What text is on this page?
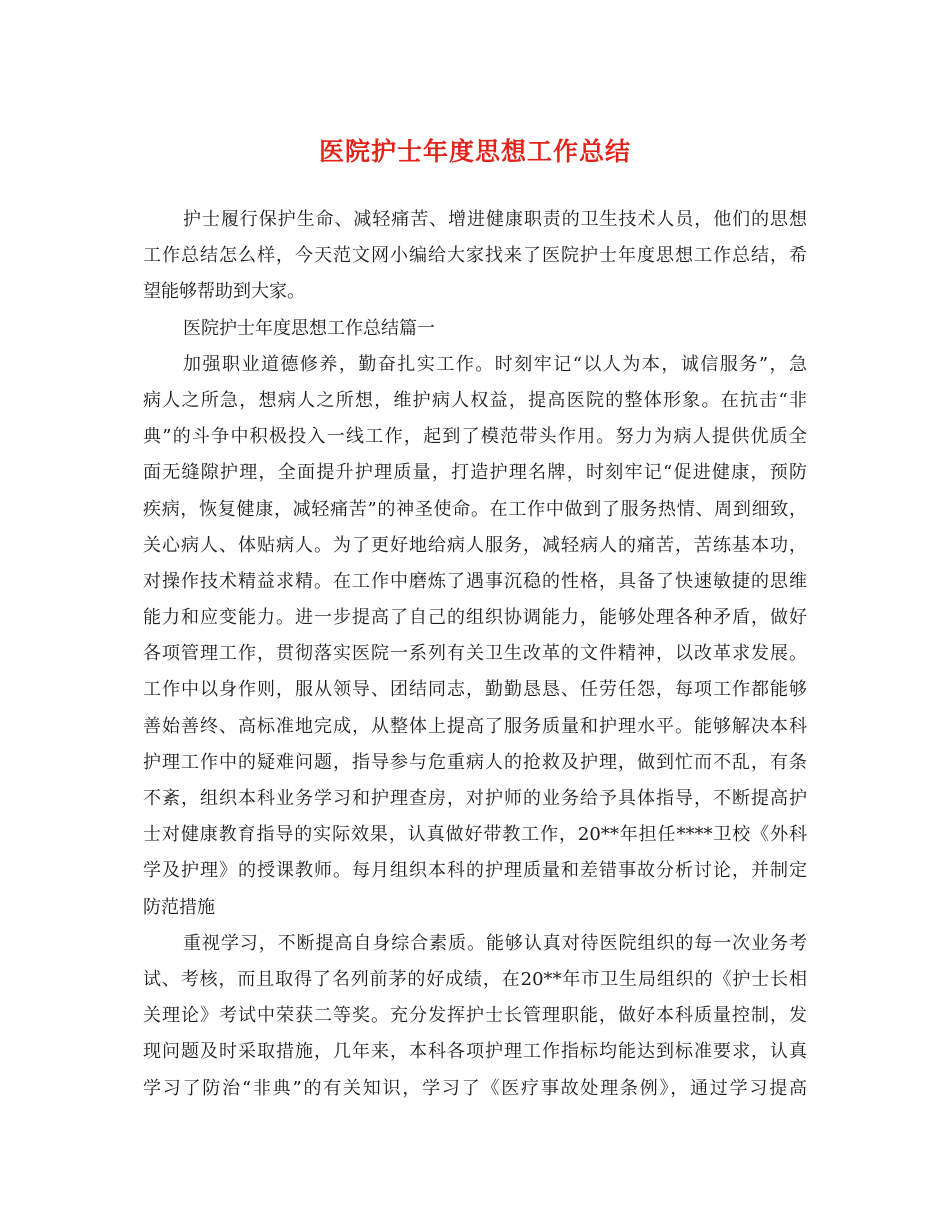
医院护士年度思想工作总结
护士履行保护生命、减轻痛苦、增进健康职责的卫生技术人员，他们的思想
工作总结怎么样，今天范文网小编给大家找来了医院护士年度思想工作总结，希
望能够帮助到大家。
医院护士年度思想工作总结篇一
加强职业道德修养，勤奋扎实工作。时刻牢记“以人为本，诚信服务”，急
病人之所急，想病人之所想，维护病人权益，提高医院的整体形象。在抗击“非
典”的斗争中积极投入一线工作，起到了模范带头作用。努力为病人提供优质全
面无缝隙护理，全面提升护理质量，打造护理名牌，时刻牢记“促进健康，预防
疾病，恢复健康，减轻痛苦”的神圣使命。在工作中做到了服务热情、周到细致，
关心病人、体贴病人。为了更好地给病人服务，减轻病人的痛苦，苦练基本功，
对操作技术精益求精。在工作中磨炼了遇事沉稳的性格，具备了快速敏捷的思维
能力和应变能力。进一步提高了自己的组织协调能力，能够处理各种矛盾，做好
各项管理工作，贯彻落实医院一系列有关卫生改革的文件精神，以改革求发展。
工作中以身作则，服从领导、团结同志，勤勤恳恳、任劳任怨，每项工作都能够
善始善终、高标准地完成，从整体上提高了服务质量和护理水平。能够解决本科
护理工作中的疑难问题，指导参与危重病人的抢救及护理，做到忙而不乱，有条
不紊，组织本科业务学习和护理查房，对护师的业务给予具体指导，不断提高护
士对健康教育指导的实际效果，认真做好带教工作，20**年担任****卫校《外科
学及护理》的授课教师。每月组织本科的护理质量和差错事故分析讨论，并制定
防范措施
重视学习，不断提高自身综合素质。能够认真对待医院组织的每一次业务考
试、考核，而且取得了名列前茅的好成绩，在20**年市卫生局组织的《护士长相
关理论》考试中荣获二等奖。充分发挥护士长管理职能，做好本科质量控制，发
现问题及时采取措施，几年来，本科各项护理工作指标均能达到标准要求，认真
学习了防治“非典”的有关知识，学习了《医疗事故处理条例》，通过学习提高
